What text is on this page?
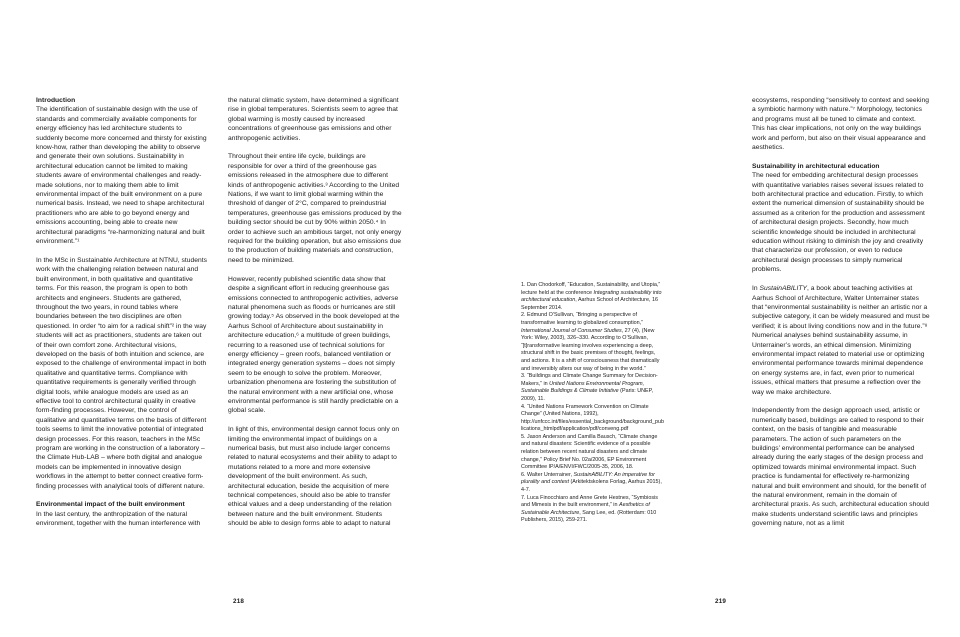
Introduction

The identification of sustainable design with the use of standards and commercially available components for energy efficiency has led architecture students to suddenly become more concerned and thirsty for existing know-how, rather than developing the ability to observe and generate their own solutions. Sustainability in architectural education cannot be limited to making students aware of environmental challenges and ready-made solutions, nor to making them able to limit environmental impact of the built environment on a pure numerical basis. Instead, we need to shape architectural practitioners who are able to go beyond energy and emissions accounting, being able to create new architectural paradigms “re-harmonizing natural and built environment.”¹

In the MSc in Sustainable Architecture at NTNU, students work with the challenging relation between natural and built environment, in both qualitative and quantitative terms. For this reason, the program is open to both architects and engineers. Students are gathered, throughout the two years, in round tables where boundaries between the two disciplines are often questioned. In order “to aim for a radical shift”² in the way students will act as practitioners, students are taken out of their own comfort zone. Architectural visions, developed on the basis of both intuition and science, are exposed to the challenge of environmental impact in both qualitative and quantitative terms. Compliance with quantitative requirements is generally verified through digital tools, while analogue models are used as an effective tool to control architectural quality in creative form-finding processes. However, the control of qualitative and quantitative terms on the basis of different tools seems to limit the innovative potential of integrated design processes. For this reason, teachers in the MSc program are working in the construction of a laboratory – the Climate Hub-LAB – where both digital and analogue models can be implemented in innovative design workflows in the attempt to better connect creative form-finding processes with analytical tools of different nature.

Environmental impact of the built environment

In the last century, the anthropization of the natural environment, together with the human interference with

the natural climatic system, have determined a significant rise in global temperatures. Scientists seem to agree that global warming is mostly caused by increased concentrations of greenhouse gas emissions and other anthropogenic activities.

Throughout their entire life cycle, buildings are responsible for over a third of the greenhouse gas emissions released in the atmosphere due to different kinds of anthropogenic activities.³ According to the United Nations, if we want to limit global warming within the threshold of danger of 2°C, compared to preindustrial temperatures, greenhouse gas emissions produced by the building sector should be cut by 90% within 2050.⁴ In order to achieve such an ambitious target, not only energy required for the building operation, but also emissions due to the production of building materials and construction, need to be minimized.

However, recently published scientific data show that despite a significant effort in reducing greenhouse gas emissions connected to anthropogenic activities, adverse natural phenomena such as floods or hurricanes are still growing today.⁵ As observed in the book developed at the Aarhus School of Architecture about sustainability in architecture education,⁶ a multitude of green buildings, recurring to a reasoned use of technical solutions for energy efficiency – green roofs, balanced ventilation or integrated energy generation systems – does not simply seem to be enough to solve the problem. Moreover, urbanization phenomena are fostering the substitution of the natural environment with a new artificial one, whose environmental performance is still hardly predictable on a global scale.

In light of this, environmental design cannot focus only on limiting the environmental impact of buildings on a numerical basis, but must also include larger concerns related to natural ecosystems and their ability to adapt to mutations related to a more and more extensive development of the built environment. As such, architectural education, beside the acquisition of mere technical competences, should also be able to transfer ethical values and a deep understanding of the relation between nature and the built environment. Students should be able to design forms able to adapt to natural

1. Dan Chodorkoff, “Education, Sustainability, and Utopia,” lecture held at the conference Integrating sustainability into architectural education, Aarhus School of Architecture, 16 September 2014.

2. Edmund O’Sullivan, “Bringing a perspective of transformative learning to globalized consumption,” International Journal of Consumer Studies, 27 (4), (New York: Wiley, 2003), 326–330. According to O’Sullivan, “[t]ransformative learning involves experiencing a deep, structural shift in the basic premises of thought, feelings, and actions. It is a shift of consciousness that dramatically and irreversibly alters our way of being in the world.”

3. “Buildings and Climate Change Summary for Decision-Makers,” in United Nations Environmental Program, Sustainable Buildings & Climate Initiative (Paris: UNEP, 2009), 11.

4. “United Nations Framework Convention on Climate Change” (United Nations, 1992), http://unfccc.int/files/essential_background/background_publications_htmlpdf/application/pdf/conveng.pdf

5. Jason Anderson and Camilla Bausch, “Climate change and natural disasters: Scientific evidence of a possible relation between recent natural disasters and climate change,” Policy Brief No. 02a/2006, EP Environment Committee IP/A/ENVI/FWC/2005-35, 2006, 18.

6. Walter Unterrainer, SustainABILITY: An imperative for plurality and context (Arkitektskolens Forlag, Aarhus 2015), 4-7.

7. Luca Finocchiaro and Anne Grete Hestnes, “Symbiosis and Mimesis in the built environment,” in Aesthetics of Sustainable Architecture, Sang Lee, ed. (Rotterdam: 010 Publishers, 2015), 259-271.

ecosystems, responding “sensitively to context and seeking a symbiotic harmony with nature.”⁷ Morphology, tectonics and programs must all be tuned to climate and context. This has clear implications, not only on the way buildings work and perform, but also on their visual appearance and aesthetics.

Sustainability in architectural education

The need for embedding architectural design processes with quantitative variables raises several issues related to both architectural practice and education. Firstly, to which extent the numerical dimension of sustainability should be assumed as a criterion for the production and assessment of architectural design projects. Secondly, how much scientific knowledge should be included in architectural education without risking to diminish the joy and creativity that characterize our profession, or even to reduce architectural design processes to simply numerical problems.

In SustainABILITY, a book about teaching activities at Aarhus School of Architecture, Walter Unterrainer states that “environmental sustainability is neither an artistic nor a subjective category, it can be widely measured and must be verified; it is about living conditions now and in the future.”⁸ Numerical analyses behind sustainability assume, in Unterrainer’s words, an ethical dimension. Minimizing environmental impact related to material use or optimizing environmental performance towards minimal dependence on energy systems are, in fact, even prior to numerical issues, ethical matters that presume a reflection over the way we make architecture.

Independently from the design approach used, artistic or numerically based, buildings are called to respond to their context, on the basis of tangible and measurable parameters. The action of such parameters on the buildings’ environmental performance can be analysed already during the early stages of the design process and optimized towards minimal environmental impact. Such practice is fundamental for effectively re-harmonizing natural and built environment and should, for the benefit of the natural environment, remain in the domain of architectural praxis. As such, architectural education should make students understand scientific laws and principles governing nature, not as a limit

218	219
